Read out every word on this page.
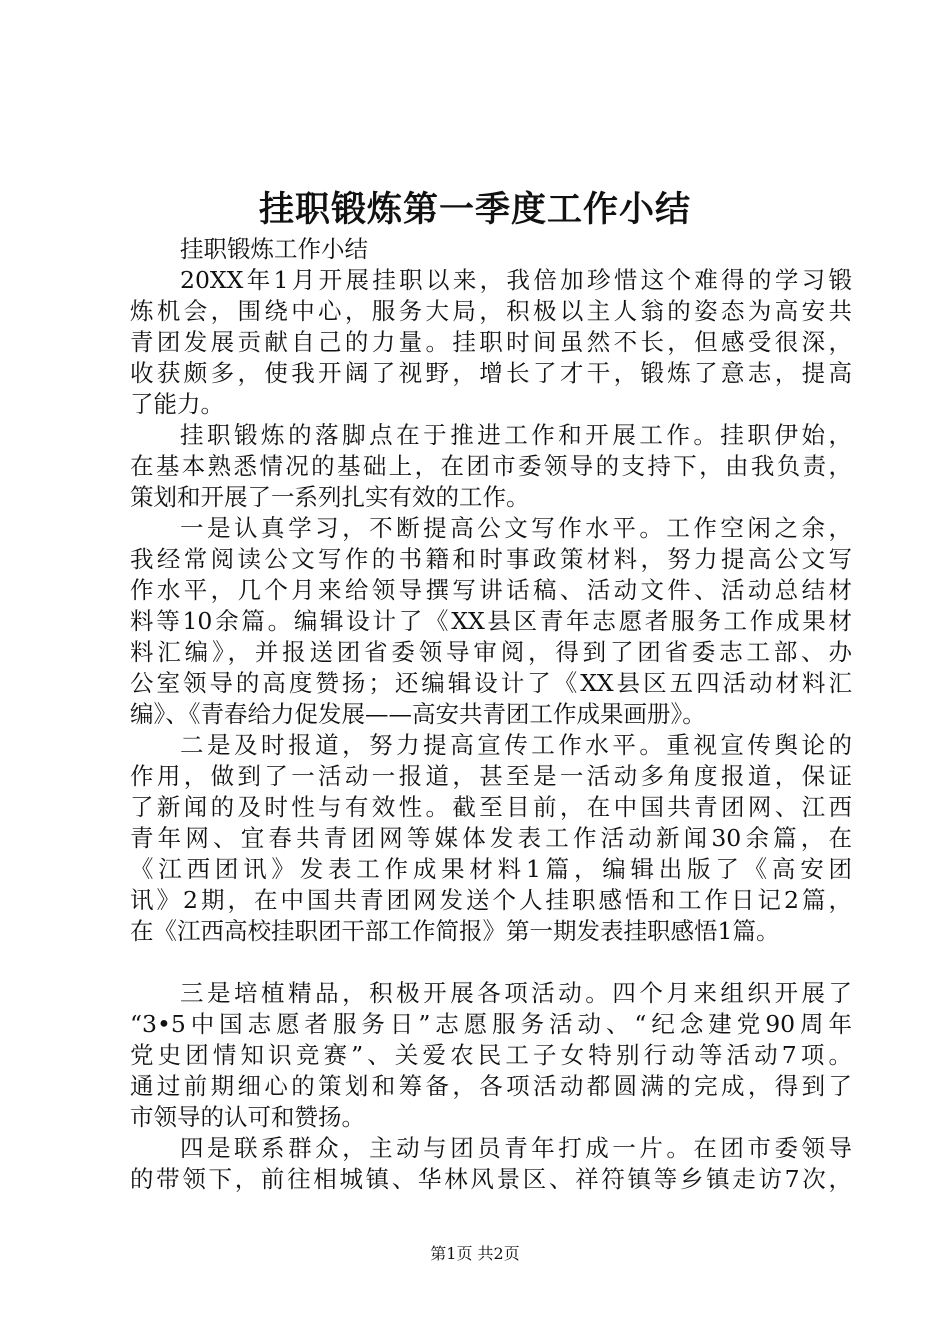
挂职锻炼第一季度工作小结
挂职锻炼工作小结
20XX年1月开展挂职以来，我倍加珍惜这个难得的学习锻
炼机会，围绕中心，服务大局，积极以主人翁的姿态为高安共
青团发展贡献自己的力量。挂职时间虽然不长，但感受很深，
收获颇多，使我开阔了视野，增长了才干，锻炼了意志，提高
了能力。
挂职锻炼的落脚点在于推进工作和开展工作。挂职伊始，
在基本熟悉情况的基础上，在团市委领导的支持下，由我负责，
策划和开展了一系列扎实有效的工作。
一是认真学习，不断提高公文写作水平。工作空闲之余，
我经常阅读公文写作的书籍和时事政策材料，努力提高公文写
作水平，几个月来给领导撰写讲话稿、活动文件、活动总结材
料等10余篇。编辑设计了《XX县区青年志愿者服务工作成果材
料汇编》，并报送团省委领导审阅，得到了团省委志工部、办
公室领导的高度赞扬；还编辑设计了《XX县区五四活动材料汇
编》、《青春给力促发展——高安共青团工作成果画册》。
二是及时报道，努力提高宣传工作水平。重视宣传舆论的
作用，做到了一活动一报道，甚至是一活动多角度报道，保证
了新闻的及时性与有效性。截至目前，在中国共青团网、江西
青年网、宜春共青团网等媒体发表工作活动新闻30余篇，在
《江西团讯》发表工作成果材料1篇，编辑出版了《高安团
讯》2期，在中国共青团网发送个人挂职感悟和工作日记2篇，
在《江西高校挂职团干部工作简报》第一期发表挂职感悟1篇。
三是培植精品，积极开展各项活动。四个月来组织开展了
“3•5中国志愿者服务日”志愿服务活动、“纪念建党90周年
党史团情知识竞赛”、关爱农民工子女特别行动等活动7项。
通过前期细心的策划和筹备，各项活动都圆满的完成，得到了
市领导的认可和赞扬。
四是联系群众，主动与团员青年打成一片。在团市委领导
的带领下，前往相城镇、华林风景区、祥符镇等乡镇走访7次，
第1页 共2页
